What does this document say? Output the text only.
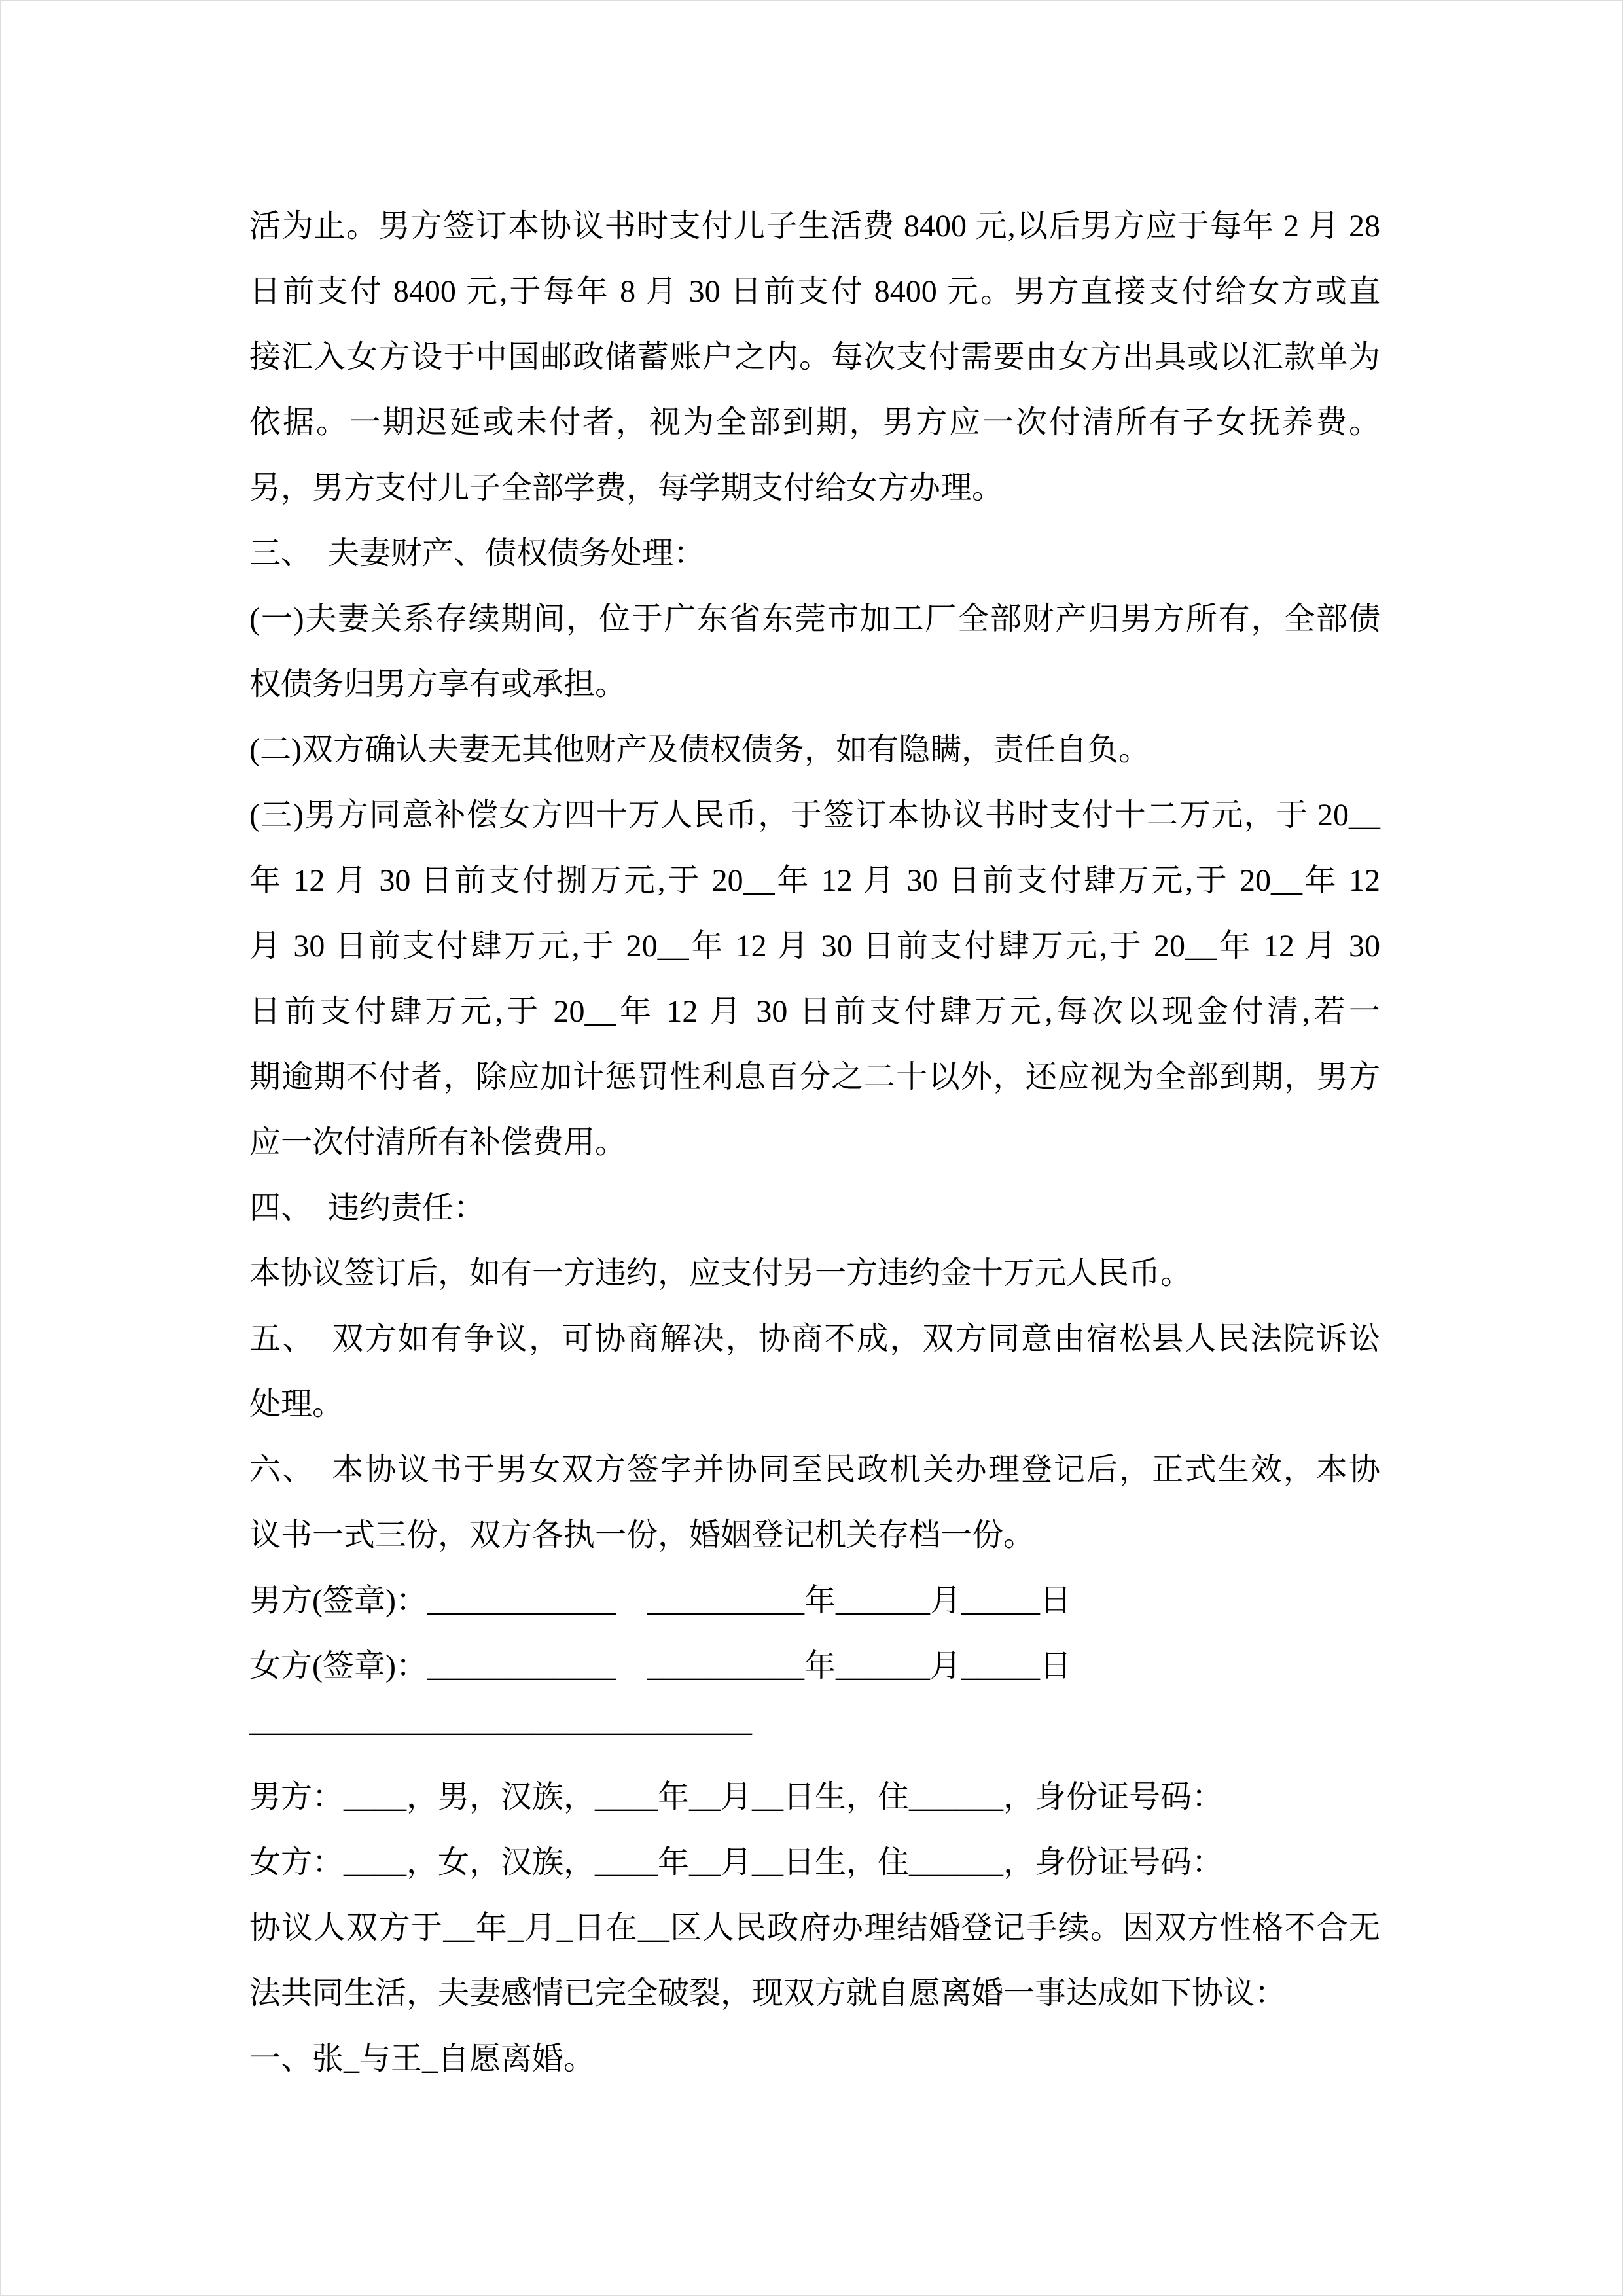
活为止。男方签订本协议书时支付儿子生活费 8400 元,以后男方应于每年 2 月 28
日前支付 8400 元,于每年 8 月 30 日前支付 8400 元。男方直接支付给女方或直
接汇入女方设于中国邮政储蓄账户之内。每次支付需要由女方出具或以汇款单为
依据。一期迟延或未付者，视为全部到期，男方应一次付清所有子女抚养费。
另，男方支付儿子全部学费，每学期支付给女方办理。
三、　夫妻财产、债权债务处理：
(一)夫妻关系存续期间，位于广东省东莞市加工厂全部财产归男方所有，全部债
权债务归男方享有或承担。
(二)双方确认夫妻无其他财产及债权债务，如有隐瞒，责任自负。
(三)男方同意补偿女方四十万人民币，于签订本协议书时支付十二万元，于 20__
年 12 月 30 日前支付捌万元,于 20__年 12 月 30 日前支付肆万元,于 20__年 12
月 30 日前支付肆万元,于 20__年 12 月 30 日前支付肆万元,于 20__年 12 月 30
日前支付肆万元,于 20__年 12 月 30 日前支付肆万元,每次以现金付清,若一
期逾期不付者，除应加计惩罚性利息百分之二十以外，还应视为全部到期，男方
应一次付清所有补偿费用。
四、　违约责任：
本协议签订后，如有一方违约，应支付另一方违约金十万元人民币。
五、　双方如有争议，可协商解决，协商不成，双方同意由宿松县人民法院诉讼
处理。
六、　本协议书于男女双方签字并协同至民政机关办理登记后，正式生效，本协
议书一式三份，双方各执一份，婚姻登记机关存档一份。
男方(签章)：____________　__________年______月_____日
女方(签章)：____________　__________年______月_____日
————————————————
男方：____，男，汉族，____年__月__日生，住______，身份证号码：
女方：____，女，汉族，____年__月__日生，住______，身份证号码：
协议人双方于__年_月_日在__区人民政府办理结婚登记手续。因双方性格不合无
法共同生活，夫妻感情已完全破裂，现双方就自愿离婚一事达成如下协议：
一、张_与王_自愿离婚。
